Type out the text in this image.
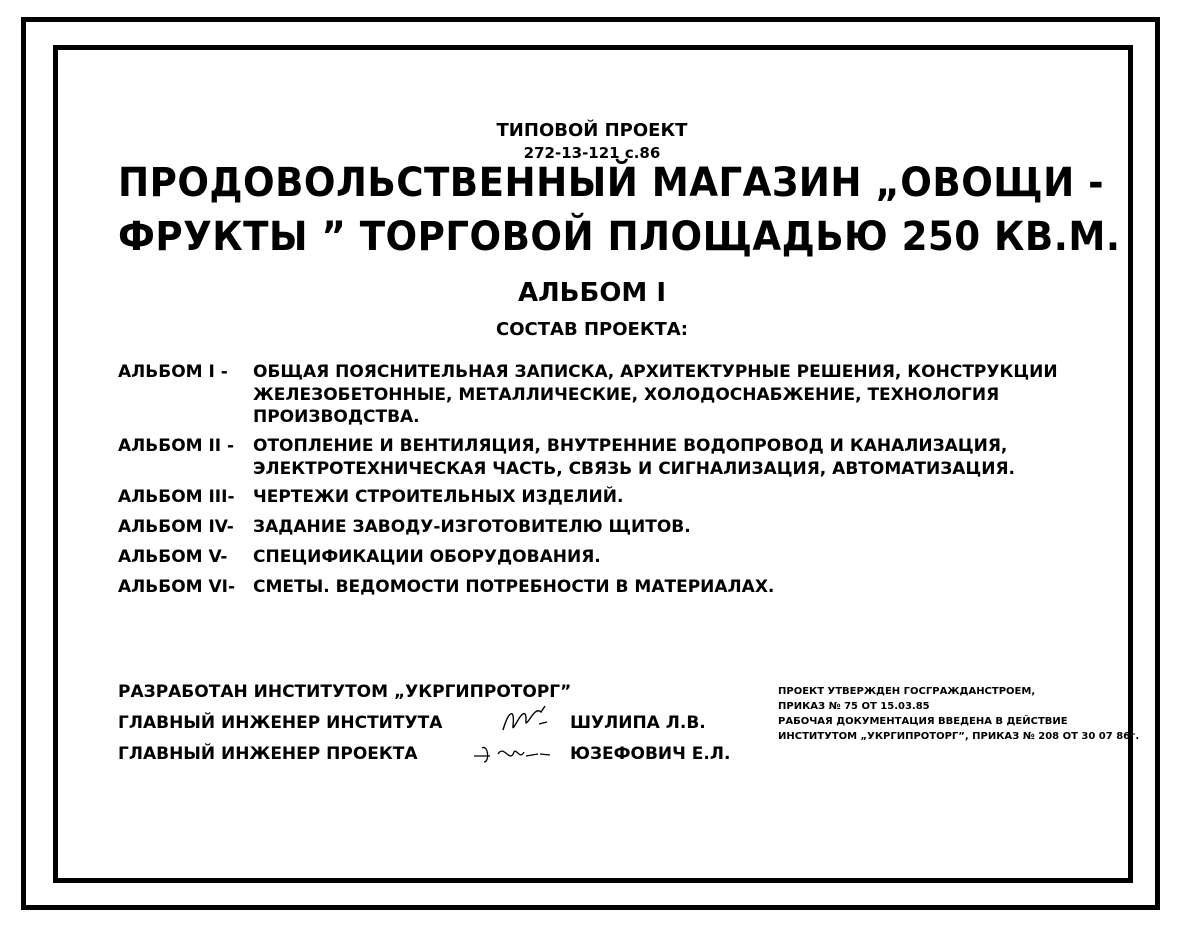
ТИПОВОЙ ПРОЕКТ
272-13-121 с.86
ПРОДОВОЛЬСТВЕННЫЙ МАГАЗИН „ОВОЩИ -
ФРУКТЫ ” ТОРГОВОЙ ПЛОЩАДЬЮ 250 КВ.М.
АЛЬБОМ I
СОСТАВ ПРОЕКТА:
АЛЬБОМ I - ОБЩАЯ ПОЯСНИТЕЛЬНАЯ ЗАПИСКА, АРХИТЕКТУРНЫЕ РЕШЕНИЯ, КОНСТРУКЦИИ
ЖЕЛЕЗОБЕТОННЫЕ, МЕТАЛЛИЧЕСКИЕ, ХОЛОДОСНАБЖЕНИЕ, ТЕХНОЛОГИЯ
ПРОИЗВОДСТВА.
АЛЬБОМ II - ОТОПЛЕНИЕ И ВЕНТИЛЯЦИЯ, ВНУТРЕННИЕ ВОДОПРОВОД И КАНАЛИЗАЦИЯ,
ЭЛЕКТРОТЕХНИЧЕСКАЯ ЧАСТЬ, СВЯЗЬ И СИГНАЛИЗАЦИЯ, АВТОМАТИЗАЦИЯ.
АЛЬБОМ III- ЧЕРТЕЖИ СТРОИТЕЛЬНЫХ ИЗДЕЛИЙ.
АЛЬБОМ IV- ЗАДАНИЕ ЗАВОДУ-ИЗГОТОВИТЕЛЮ ЩИТОВ.
АЛЬБОМ V- СПЕЦИФИКАЦИИ ОБОРУДОВАНИЯ.
АЛЬБОМ VI- СМЕТЫ. ВЕДОМОСТИ ПОТРЕБНОСТИ В МАТЕРИАЛАХ.
РАЗРАБОТАН ИНСТИТУТОМ „УКРГИПРОТОРГ”
ГЛАВНЫЙ ИНЖЕНЕР ИНСТИТУТА	ШУЛИПА Л.В.
ГЛАВНЫЙ ИНЖЕНЕР ПРОЕКТА	ЮЗЕФОВИЧ Е.Л.
ПРОЕКТ УТВЕРЖДЕН ГОСГРАЖДАНСТРОЕМ,
ПРИКАЗ № 75 ОТ 15.03.85
РАБОЧАЯ ДОКУМЕНТАЦИЯ ВВЕДЕНА В ДЕЙСТВИЕ
ИНСТИТУТОМ „УКРГИПРОТОРГ”, ПРИКАЗ № 208 ОТ 30 07 86г.
